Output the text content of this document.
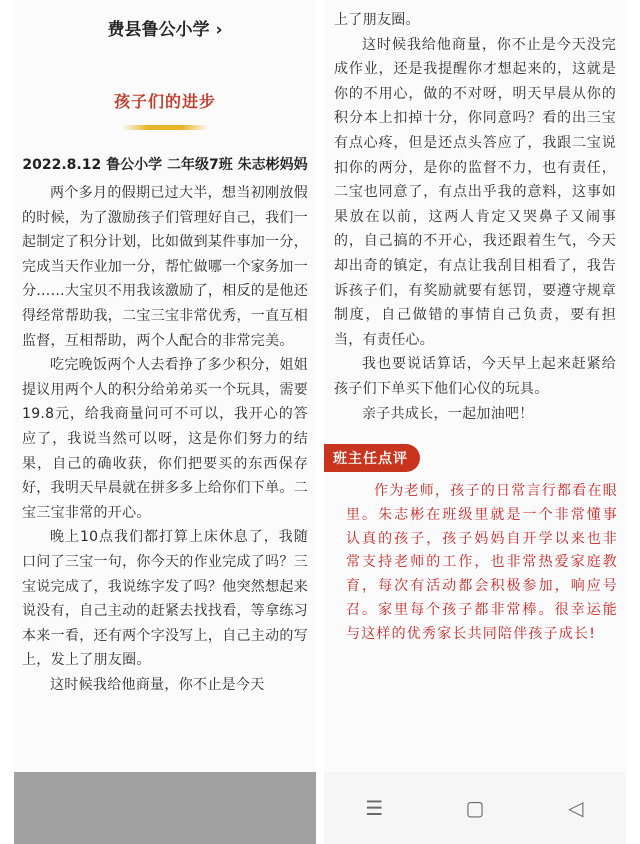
费县鲁公小学 ›
孩子们的进步
2022.8.12 鲁公小学 二年级7班 朱志彬妈妈

两个多月的假期已过大半，想当初刚放假的时候，为了激励孩子们管理好自己，我们一起制定了积分计划，比如做到某件事加一分，完成当天作业加一分，帮忙做哪一个家务加一分……大宝贝不用我该激励了，相反的是他还得经常帮助我，二宝三宝非常优秀，一直互相监督，互相帮助，两个人配合的非常完美。

吃完晚饭两个人去看挣了多少积分，姐姐提议用两个人的积分给弟弟买一个玩具，需要19.8元，给我商量问可不可以，我开心的答应了，我说当然可以呀，这是你们努力的结果，自己的确收获，你们把要买的东西保存好，我明天早晨就在拼多多上给你们下单。二宝三宝非常的开心。

晚上10点我们都打算上床休息了，我随口问了三宝一句，你今天的作业完成了吗？三宝说完成了，我说练字发了吗？他突然想起来说没有，自己主动的赶紧去找找看，等拿练习本来一看，还有两个字没写上，自己主动的写上，发上了朋友圈。

这时候我给他商量，你不止是今天

上了朋友圈。

这时候我给他商量，你不止是今天没完成作业，还是我提醒你才想起来的，这就是你的不用心，做的不对呀，明天早晨从你的积分本上扣掉十分，你同意吗？看的出三宝有点心疼，但是还点头答应了，我跟二宝说扣你的两分，是你的监督不力，也有责任，二宝也同意了，有点出乎我的意料，这事如果放在以前，这两人肯定又哭鼻子又闹事的，自己搞的不开心，我还跟着生气，今天却出奇的镇定，有点让我刮目相看了，我告诉孩子们，有奖励就要有惩罚，要遵守规章制度，自己做错的事情自己负责，要有担当，有责任心。

我也要说话算话，今天早上起来赶紧给孩子们下单买下他们心仪的玩具。

亲子共成长，一起加油吧！

班主任点评
作为老师，孩子的日常言行都看在眼里。朱志彬在班级里就是一个非常懂事认真的孩子，孩子妈妈自开学以来也非常支持老师的工作，也非常热爱家庭教育，每次有活动都会积极参加，响应号召。家里每个孩子都非常棒。很幸运能与这样的优秀家长共同陪伴孩子成长!
☰	▢	◁
